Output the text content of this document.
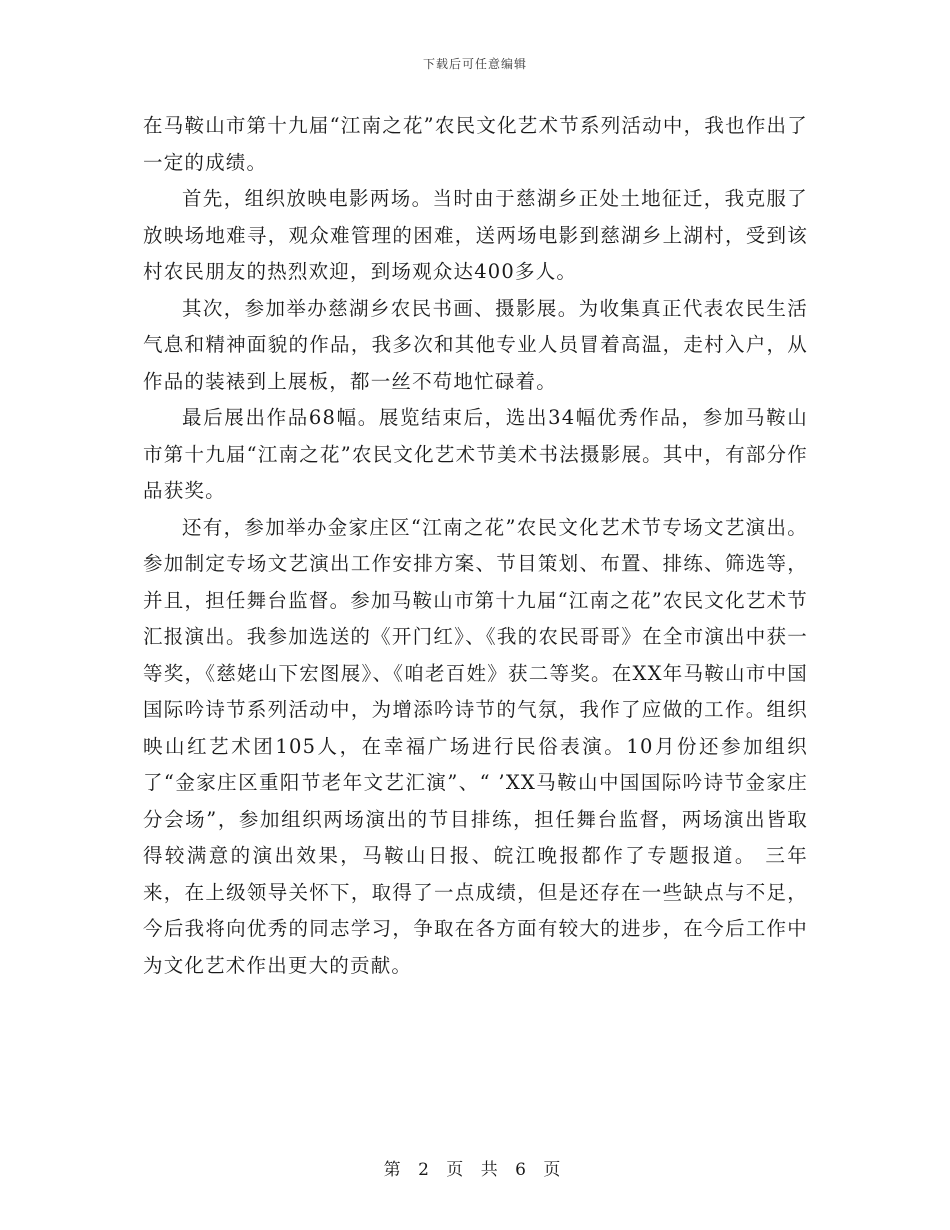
下载后可任意编辑

在马鞍山市第十九届“江南之花”农民文化艺术节系列活动中，我也作出了一定的成绩。

首先，组织放映电影两场。当时由于慈湖乡正处土地征迁，我克服了放映场地难寻，观众难管理的困难，送两场电影到慈湖乡上湖村，受到该村农民朋友的热烈欢迎，到场观众达400多人。

其次，参加举办慈湖乡农民书画、摄影展。为收集真正代表农民生活气息和精神面貌的作品，我多次和其他专业人员冒着高温，走村入户，从作品的装裱到上展板，都一丝不苟地忙碌着。

最后展出作品68幅。展览结束后，选出34幅优秀作品，参加马鞍山市第十九届“江南之花”农民文化艺术节美术书法摄影展。其中，有部分作品获奖。

还有，参加举办金家庄区“江南之花”农民文化艺术节专场文艺演出。参加制定专场文艺演出工作安排方案、节目策划、布置、排练、筛选等，并且，担任舞台监督。参加马鞍山市第十九届“江南之花”农民文化艺术节汇报演出。我参加选送的《开门红》、《我的农民哥哥》在全市演出中获一等奖，《慈姥山下宏图展》、《咱老百姓》获二等奖。在XX年马鞍山市中国国际吟诗节系列活动中，为增添吟诗节的气氛，我作了应做的工作。组织映山红艺术团105人，在幸福广场进行民俗表演。10月份还参加组织了“金家庄区重阳节老年文艺汇演”、“ ’XX马鞍山中国国际吟诗节金家庄分会场”，参加组织两场演出的节目排练，担任舞台监督，两场演出皆取得较满意的演出效果，马鞍山日报、皖江晚报都作了专题报道。 三年来，在上级领导关怀下，取得了一点成绩，但是还存在一些缺点与不足，今后我将向优秀的同志学习，争取在各方面有较大的进步，在今后工作中为文化艺术作出更大的贡献。

第 2 页 共 6 页
